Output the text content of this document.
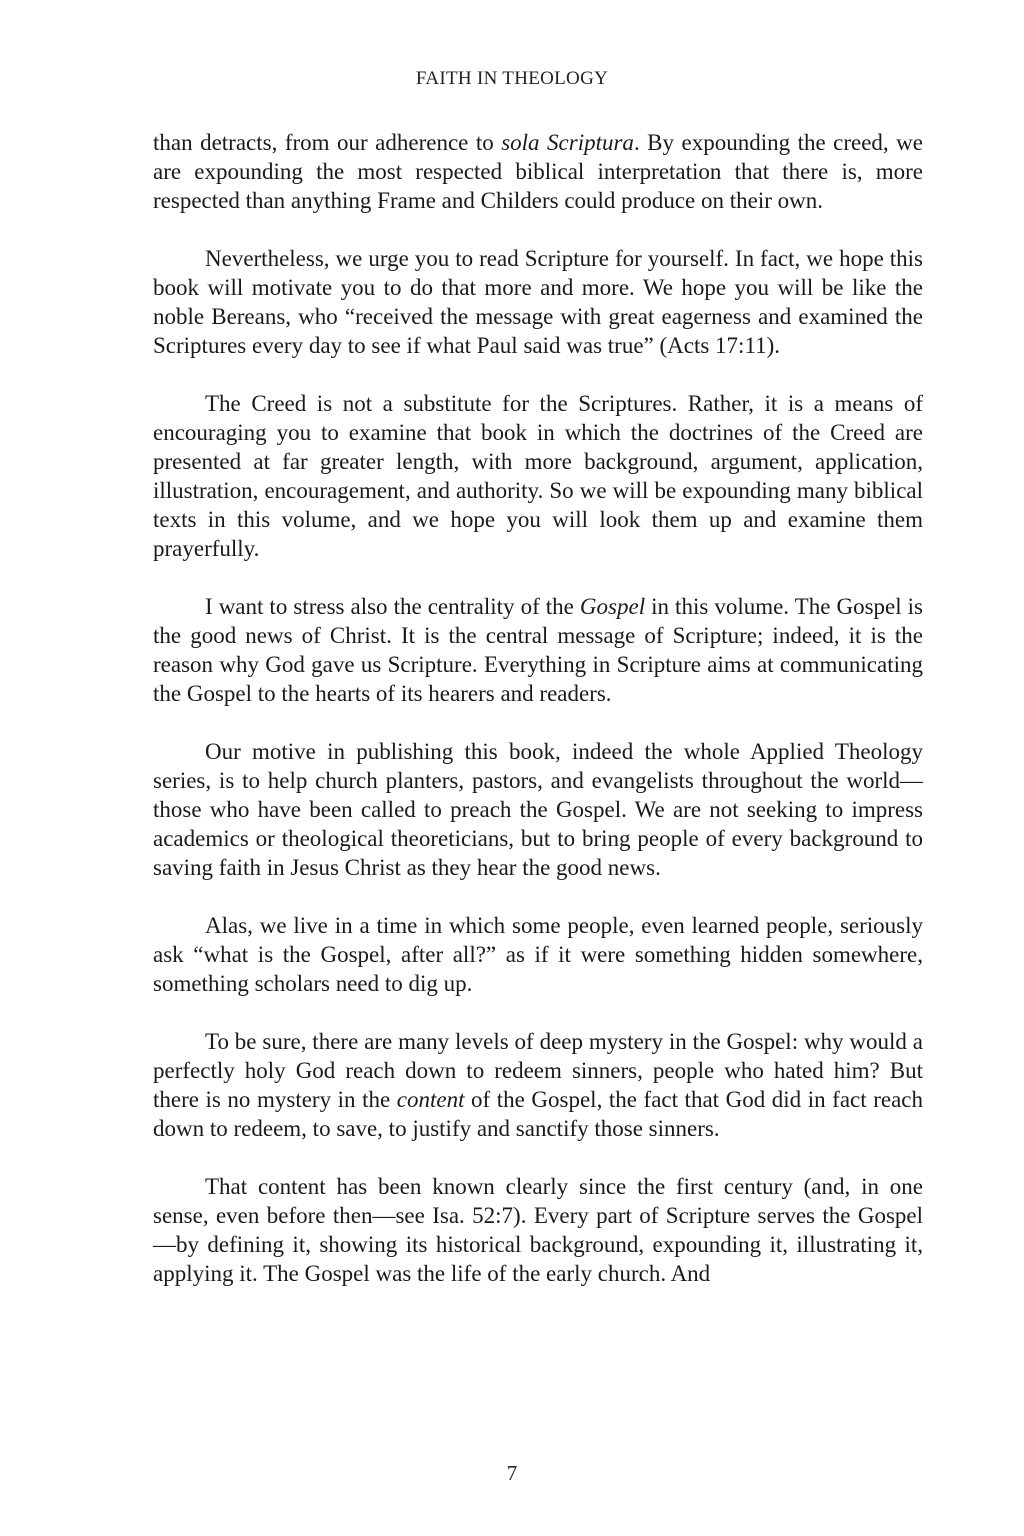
FAITH IN THEOLOGY

than detracts, from our adherence to sola Scriptura. By expounding the creed, we are expounding the most respected biblical interpretation that there is, more respected than anything Frame and Childers could produce on their own.

Nevertheless, we urge you to read Scripture for yourself. In fact, we hope this book will motivate you to do that more and more. We hope you will be like the noble Bereans, who “received the message with great eagerness and examined the Scriptures every day to see if what Paul said was true” (Acts 17:11).

The Creed is not a substitute for the Scriptures. Rather, it is a means of encouraging you to examine that book in which the doctrines of the Creed are presented at far greater length, with more background, argument, application, illustration, encouragement, and authority. So we will be expounding many biblical texts in this volume, and we hope you will look them up and examine them prayerfully.

I want to stress also the centrality of the Gospel in this volume. The Gospel is the good news of Christ. It is the central message of Scripture; indeed, it is the reason why God gave us Scripture. Everything in Scripture aims at communicating the Gospel to the hearts of its hearers and readers.

Our motive in publishing this book, indeed the whole Applied Theology series, is to help church planters, pastors, and evangelists throughout the world—those who have been called to preach the Gospel. We are not seeking to impress academics or theological theoreticians, but to bring people of every background to saving faith in Jesus Christ as they hear the good news.

Alas, we live in a time in which some people, even learned people, seriously ask “what is the Gospel, after all?” as if it were something hidden somewhere, something scholars need to dig up.

To be sure, there are many levels of deep mystery in the Gospel: why would a perfectly holy God reach down to redeem sinners, people who hated him? But there is no mystery in the content of the Gospel, the fact that God did in fact reach down to redeem, to save, to justify and sanctify those sinners.

That content has been known clearly since the first century (and, in one sense, even before then—see Isa. 52:7). Every part of Scripture serves the Gospel—by defining it, showing its historical background, expounding it, illustrating it, applying it. The Gospel was the life of the early church. And

7
